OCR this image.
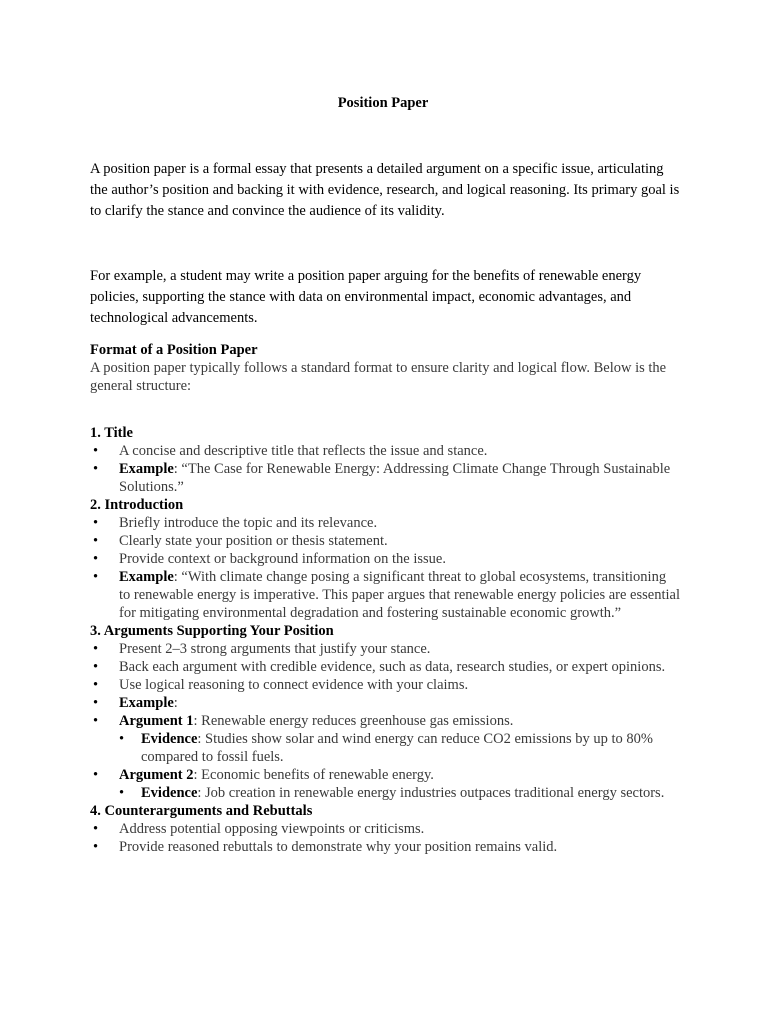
Position Paper

A position paper is a formal essay that presents a detailed argument on a specific issue, articulating the author’s position and backing it with evidence, research, and logical reasoning. Its primary goal is to clarify the stance and convince the audience of its validity.

For example, a student may write a position paper arguing for the benefits of renewable energy policies, supporting the stance with data on environmental impact, economic advantages, and technological advancements.

Format of a Position Paper

A position paper typically follows a standard format to ensure clarity and logical flow. Below is the general structure:

1. Title

• A concise and descriptive title that reflects the issue and stance.
• Example: “The Case for Renewable Energy: Addressing Climate Change Through Sustainable Solutions.”

2. Introduction

• Briefly introduce the topic and its relevance.
• Clearly state your position or thesis statement.
• Provide context or background information on the issue.
• Example: “With climate change posing a significant threat to global ecosystems, transitioning to renewable energy is imperative. This paper argues that renewable energy policies are essential for mitigating environmental degradation and fostering sustainable economic growth.”

3. Arguments Supporting Your Position

• Present 2–3 strong arguments that justify your stance.
• Back each argument with credible evidence, such as data, research studies, or expert opinions.
• Use logical reasoning to connect evidence with your claims.
• Example:
• Argument 1: Renewable energy reduces greenhouse gas emissions.
• Evidence: Studies show solar and wind energy can reduce CO2 emissions by up to 80% compared to fossil fuels.
• Argument 2: Economic benefits of renewable energy.
• Evidence: Job creation in renewable energy industries outpaces traditional energy sectors.

4. Counterarguments and Rebuttals

• Address potential opposing viewpoints or criticisms.
• Provide reasoned rebuttals to demonstrate why your position remains valid.
